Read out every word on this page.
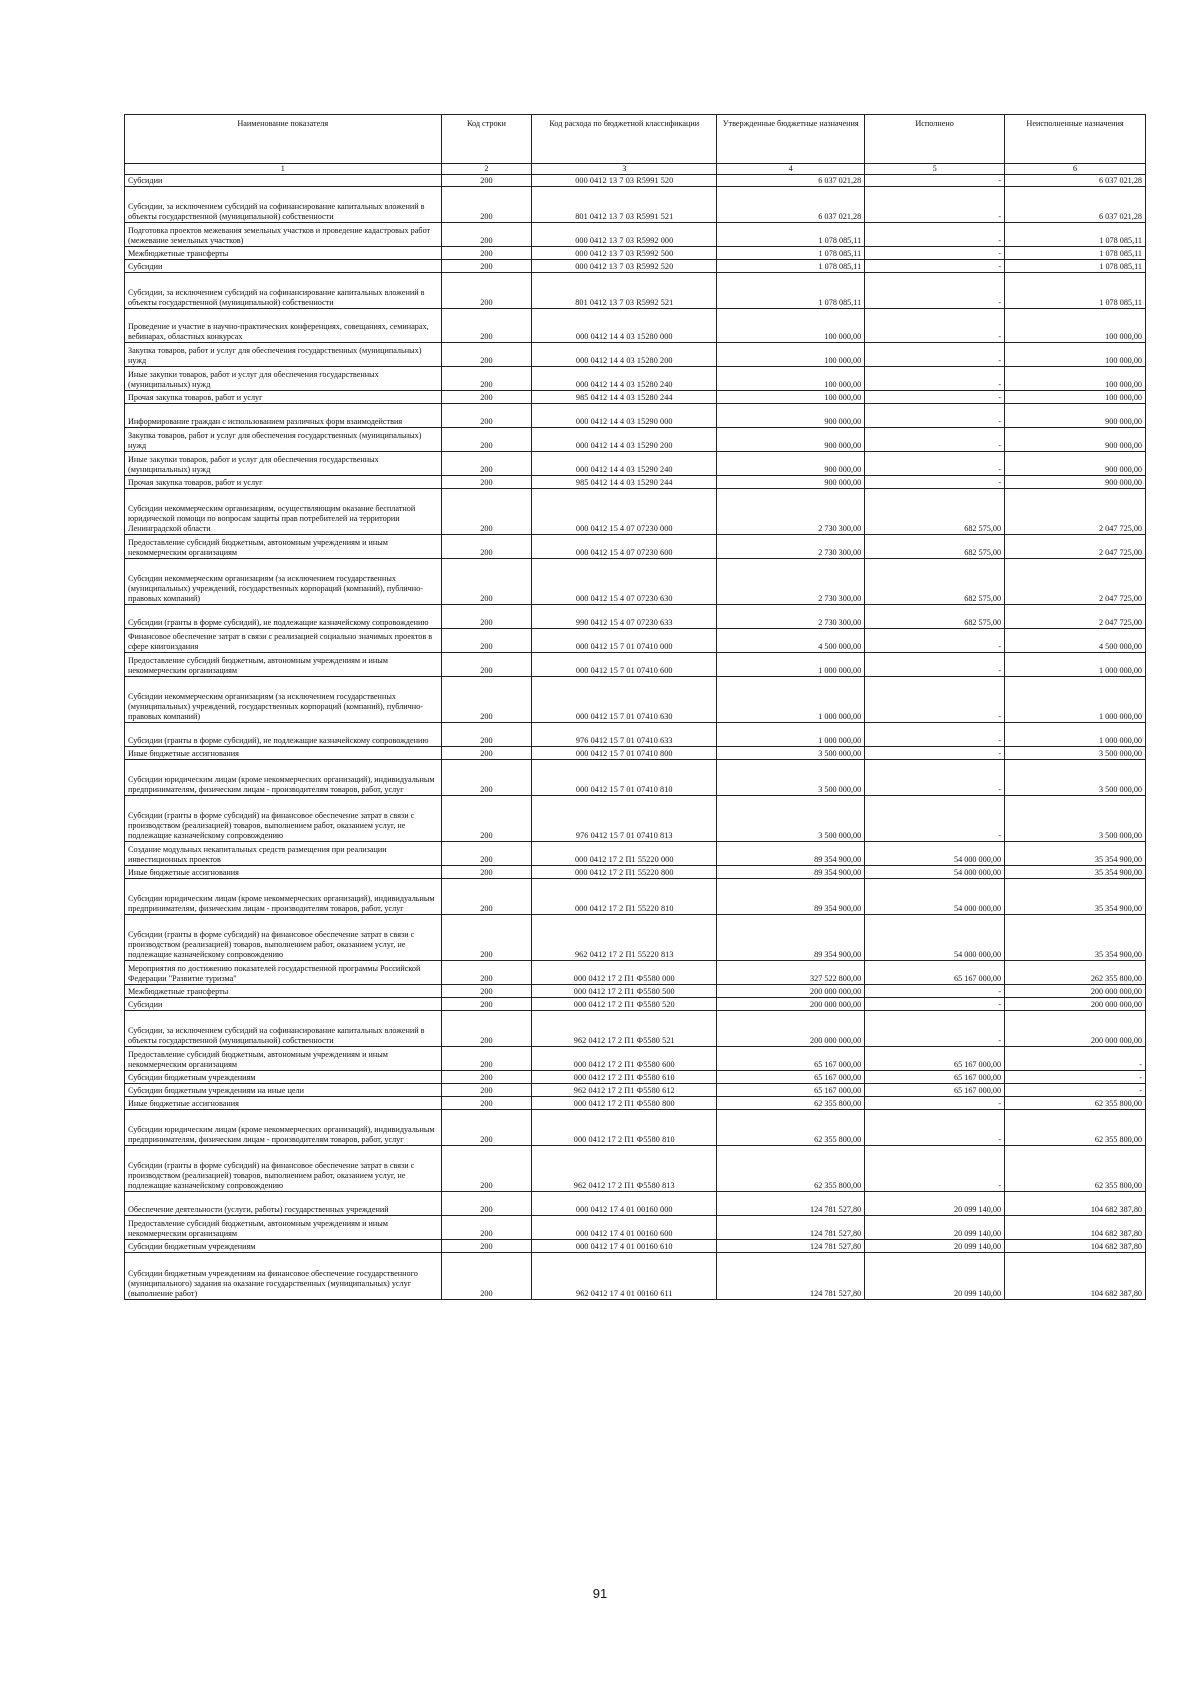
Наименование показателя	Код строки	Код расхода по бюджетной классификации	Утвержденные бюджетные назначения	Исполнено	Неисполненные назначения
1	2	3	4	5	6
Субсидии	200	000 0412 13 7 03 R5991 520	6 037 021,28	-	6 037 021,28
Субсидии, за исключением субсидий на софинансирование капитальных вложений в объекты государственной (муниципальной) собственности	200	801 0412 13 7 03 R5991 521	6 037 021,28	-	6 037 021,28
Подготовка проектов межевания земельных участков и проведение кадастровых работ (межевание земельных участков)	200	000 0412 13 7 03 R5992 000	1 078 085,11	-	1 078 085,11
Межбюджетные трансферты	200	000 0412 13 7 03 R5992 500	1 078 085,11	-	1 078 085,11
Субсидии	200	000 0412 13 7 03 R5992 520	1 078 085,11	-	1 078 085,11
Субсидии, за исключением субсидий на софинансирование капитальных вложений в объекты государственной (муниципальной) собственности	200	801 0412 13 7 03 R5992 521	1 078 085,11	-	1 078 085,11
Проведение и участие в научно-практических конференциях, совещаниях, семинарах, вебинарах, областных конкурсах	200	000 0412 14 4 03 15280 000	100 000,00	-	100 000,00
Закупка товаров, работ и услуг для обеспечения государственных (муниципальных) нужд	200	000 0412 14 4 03 15280 200	100 000,00	-	100 000,00
Иные закупки товаров, работ и услуг для обеспечения государственных (муниципальных) нужд	200	000 0412 14 4 03 15280 240	100 000,00	-	100 000,00
Прочая закупка товаров, работ и услуг	200	985 0412 14 4 03 15280 244	100 000,00	-	100 000,00
Информирование граждан с использованием различных форм взаимодействия	200	000 0412 14 4 03 15290 000	900 000,00	-	900 000,00
Закупка товаров, работ и услуг для обеспечения государственных (муниципальных) нужд	200	000 0412 14 4 03 15290 200	900 000,00	-	900 000,00
Иные закупки товаров, работ и услуг для обеспечения государственных (муниципальных) нужд	200	000 0412 14 4 03 15290 240	900 000,00	-	900 000,00
Прочая закупка товаров, работ и услуг	200	985 0412 14 4 03 15290 244	900 000,00	-	900 000,00
Субсидии некоммерческим организациям, осуществляющим оказание бесплатной юридической помощи по вопросам защиты прав потребителей на территории Ленинградской области	200	000 0412 15 4 07 07230 000	2 730 300,00	682 575,00	2 047 725,00
Предоставление субсидий бюджетным, автономным учреждениям и иным некоммерческим организациям	200	000 0412 15 4 07 07230 600	2 730 300,00	682 575,00	2 047 725,00
Субсидии некоммерческим организациям (за исключением государственных (муниципальных) учреждений, государственных корпораций (компаний), публично-правовых компаний)	200	000 0412 15 4 07 07230 630	2 730 300,00	682 575,00	2 047 725,00
Субсидии (гранты в форме субсидий), не подлежащие казначейскому сопровождению	200	990 0412 15 4 07 07230 633	2 730 300,00	682 575,00	2 047 725,00
Финансовое обеспечение затрат в связи с реализацией социально значимых проектов в сфере книгоиздания	200	000 0412 15 7 01 07410 000	4 500 000,00	-	4 500 000,00
Предоставление субсидий бюджетным, автономным учреждениям и иным некоммерческим организациям	200	000 0412 15 7 01 07410 600	1 000 000,00	-	1 000 000,00
Субсидии некоммерческим организациям (за исключением государственных (муниципальных) учреждений, государственных корпораций (компаний), публично-правовых компаний)	200	000 0412 15 7 01 07410 630	1 000 000,00	-	1 000 000,00
Субсидии (гранты в форме субсидий), не подлежащие казначейскому сопровождению	200	976 0412 15 7 01 07410 633	1 000 000,00	-	1 000 000,00
Иные бюджетные ассигнования	200	000 0412 15 7 01 07410 800	3 500 000,00	-	3 500 000,00
Субсидии юридическим лицам (кроме некоммерческих организаций), индивидуальным предпринимателям, физическим лицам - производителям товаров, работ, услуг	200	000 0412 15 7 01 07410 810	3 500 000,00	-	3 500 000,00
Субсидии (гранты в форме субсидий) на финансовое обеспечение затрат в связи с производством (реализацией) товаров, выполнением работ, оказанием услуг, не подлежащие казначейскому сопровождению	200	976 0412 15 7 01 07410 813	3 500 000,00	-	3 500 000,00
Создание модульных некапитальных средств размещения при реализации инвестиционных проектов	200	000 0412 17 2 П1 55220 000	89 354 900,00	54 000 000,00	35 354 900,00
Иные бюджетные ассигнования	200	000 0412 17 2 П1 55220 800	89 354 900,00	54 000 000,00	35 354 900,00
Субсидии юридическим лицам (кроме некоммерческих организаций), индивидуальным предпринимателям, физическим лицам - производителям товаров, работ, услуг	200	000 0412 17 2 П1 55220 810	89 354 900,00	54 000 000,00	35 354 900,00
Субсидии (гранты в форме субсидий) на финансовое обеспечение затрат в связи с производством (реализацией) товаров, выполнением работ, оказанием услуг, не подлежащие казначейскому сопровождению	200	962 0412 17 2 П1 55220 813	89 354 900,00	54 000 000,00	35 354 900,00
Мероприятия по достижению показателей государственной программы Российской Федерации "Развитие туризма"	200	000 0412 17 2 П1 Ф5580 000	327 522 800,00	65 167 000,00	262 355 800,00
Межбюджетные трансферты	200	000 0412 17 2 П1 Ф5580 500	200 000 000,00	-	200 000 000,00
Субсидии	200	000 0412 17 2 П1 Ф5580 520	200 000 000,00	-	200 000 000,00
Субсидии, за исключением субсидий на софинансирование капитальных вложений в объекты государственной (муниципальной) собственности	200	962 0412 17 2 П1 Ф5580 521	200 000 000,00	-	200 000 000,00
Предоставление субсидий бюджетным, автономным учреждениям и иным некоммерческим организациям	200	000 0412 17 2 П1 Ф5580 600	65 167 000,00	65 167 000,00	-
Субсидии бюджетным учреждениям	200	000 0412 17 2 П1 Ф5580 610	65 167 000,00	65 167 000,00	-
Субсидии бюджетным учреждениям на иные цели	200	962 0412 17 2 П1 Ф5580 612	65 167 000,00	65 167 000,00	-
Иные бюджетные ассигнования	200	000 0412 17 2 П1 Ф5580 800	62 355 800,00	-	62 355 800,00
Субсидии юридическим лицам (кроме некоммерческих организаций), индивидуальным предпринимателям, физическим лицам - производителям товаров, работ, услуг	200	000 0412 17 2 П1 Ф5580 810	62 355 800,00	-	62 355 800,00
Субсидии (гранты в форме субсидий) на финансовое обеспечение затрат в связи с производством (реализацией) товаров, выполнением работ, оказанием услуг, не подлежащие казначейскому сопровождению	200	962 0412 17 2 П1 Ф5580 813	62 355 800,00	-	62 355 800,00
Обеспечение деятельности (услуги, работы) государственных учреждений	200	000 0412 17 4 01 00160 000	124 781 527,80	20 099 140,00	104 682 387,80
Предоставление субсидий бюджетным, автономным учреждениям и иным некоммерческим организациям	200	000 0412 17 4 01 00160 600	124 781 527,80	20 099 140,00	104 682 387,80
Субсидии бюджетным учреждениям	200	000 0412 17 4 01 00160 610	124 781 527,80	20 099 140,00	104 682 387,80
Субсидии бюджетным учреждениям на финансовое обеспечение государственного (муниципального) задания на оказание государственных (муниципальных) услуг (выполнение работ)	200	962 0412 17 4 01 00160 611	124 781 527,80	20 099 140,00	104 682 387,80
91
